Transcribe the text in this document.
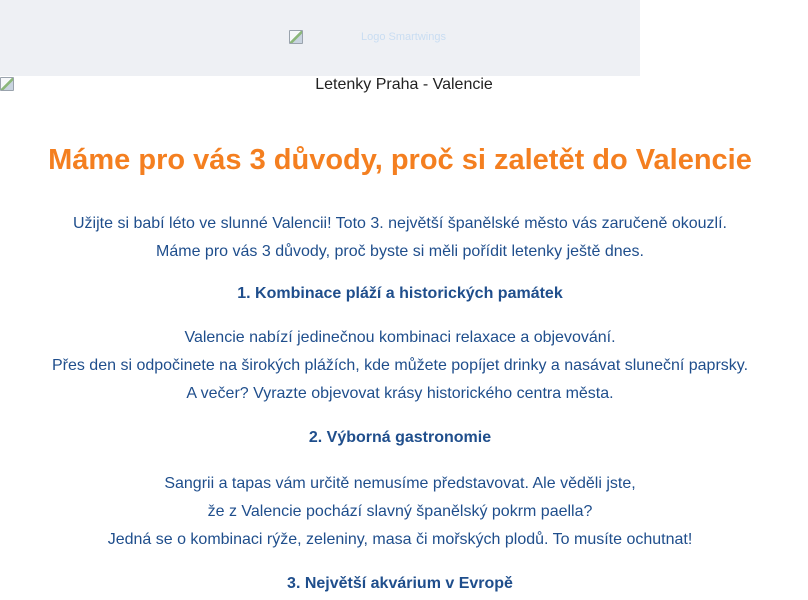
Logo Smartwings
Letenky Praha - Valencie

Máme pro vás 3 důvody, proč si zaletět do Valencie

Užijte si babí léto ve slunné Valencii! Toto 3. největší španělské město vás zaručeně okouzlí.

Máme pro vás 3 důvody, proč byste si měli pořídit letenky ještě dnes.

1. Kombinace pláží a historických památek

Valencie nabízí jedinečnou kombinaci relaxace a objevování.

Přes den si odpočinete na širokých plážích, kde můžete popíjet drinky a nasávat sluneční paprsky.

A večer? Vyrazte objevovat krásy historického centra města.

2. Výborná gastronomie

Sangrii a tapas vám určitě nemusíme představovat. Ale věděli jste,

že z Valencie pochází slavný španělský pokrm paella?

Jedná se o kombinaci rýže, zeleniny, masa či mořských plodů. To musíte ochutnat!

3. Největší akvárium v Evropě
